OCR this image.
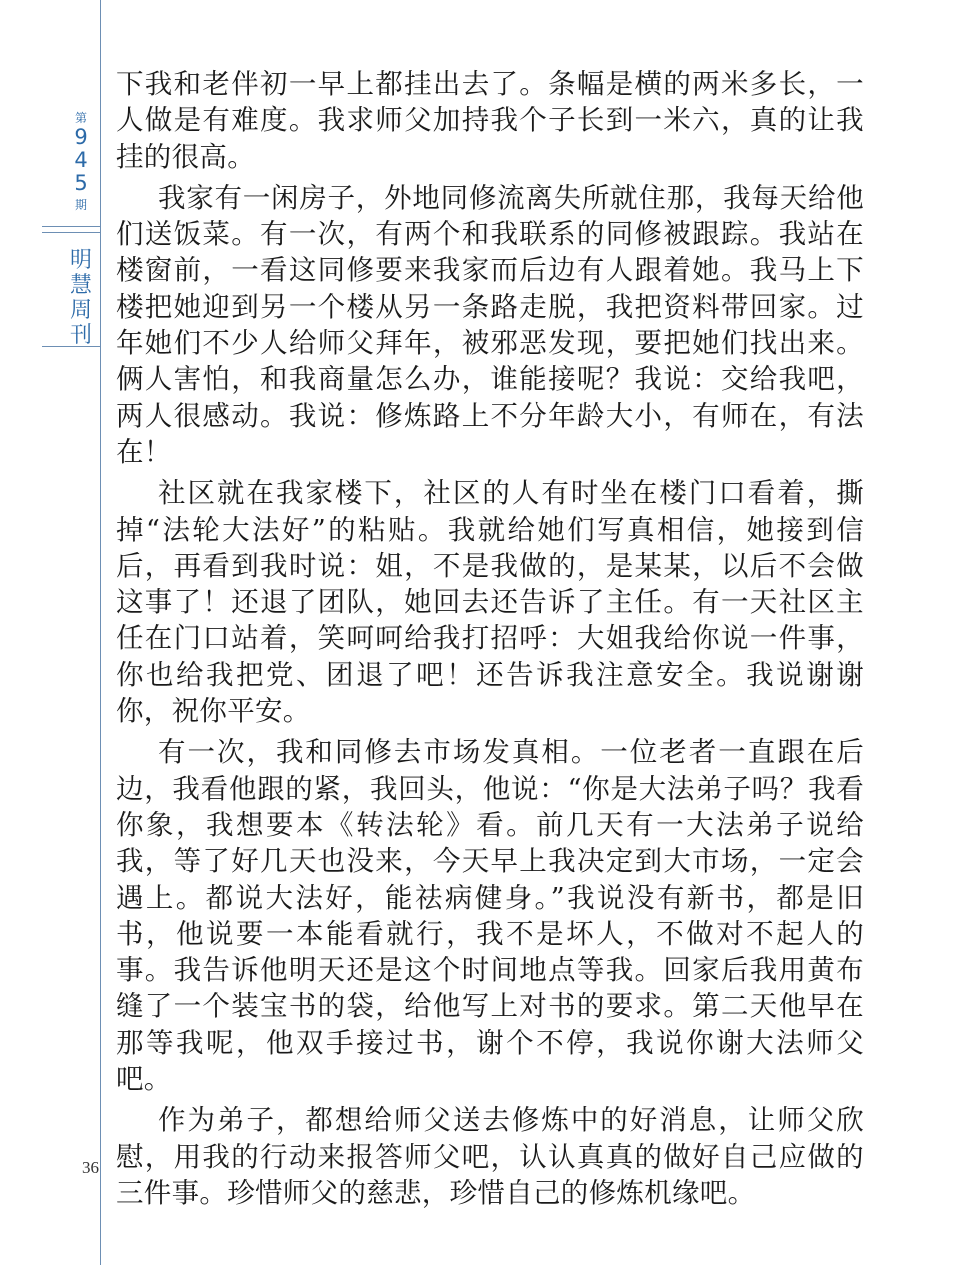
第
9
4
5
期
明
慧
周
刊
36

下我和老伴初一早上都挂出去了。条幅是横的两米多长，一人做是有难度。我求师父加持我个子长到一米六，真的让我挂的很高。

我家有一闲房子，外地同修流离失所就住那，我每天给他们送饭菜。有一次，有两个和我联系的同修被跟踪。我站在楼窗前，一看这同修要来我家而后边有人跟着她。我马上下楼把她迎到另一个楼从另一条路走脱，我把资料带回家。过年她们不少人给师父拜年，被邪恶发现，要把她们找出来。俩人害怕，和我商量怎么办，谁能接呢？我说：交给我吧，两人很感动。我说：修炼路上不分年龄大小，有师在，有法在！

社区就在我家楼下，社区的人有时坐在楼门口看着，撕掉“法轮大法好”的粘贴。我就给她们写真相信，她接到信后，再看到我时说：姐，不是我做的，是某某，以后不会做这事了！还退了团队，她回去还告诉了主任。有一天社区主任在门口站着，笑呵呵给我打招呼：大姐我给你说一件事，你也给我把党、团退了吧！还告诉我注意安全。我说谢谢你，祝你平安。

有一次，我和同修去市场发真相。一位老者一直跟在后边，我看他跟的紧，我回头，他说：“你是大法弟子吗？我看你象，我想要本《转法轮》看。前几天有一大法弟子说给我，等了好几天也没来，今天早上我决定到大市场，一定会遇上。都说大法好，能祛病健身。”我说没有新书，都是旧书，他说要一本能看就行，我不是坏人，不做对不起人的事。我告诉他明天还是这个时间地点等我。回家后我用黄布缝了一个装宝书的袋，给他写上对书的要求。第二天他早在那等我呢，他双手接过书，谢个不停，我说你谢大法师父吧。

作为弟子，都想给师父送去修炼中的好消息，让师父欣慰，用我的行动来报答师父吧，认认真真的做好自己应做的三件事。珍惜师父的慈悲，珍惜自己的修炼机缘吧。
